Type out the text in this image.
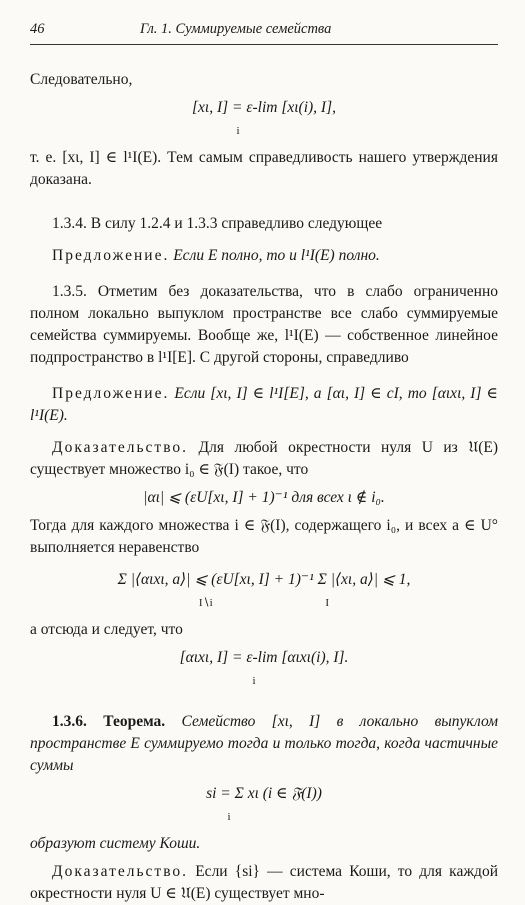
46	Гл. 1. Суммируемые семейства

Следовательно,

[xι, I] = ε-lim [xι(i), I],
i

т. е. [xι, I] ∈ l¹I(E). Тем самым справедливость нашего утверждения доказана.

1.3.4. В силу 1.2.4 и 1.3.3 справедливо следующее

Предложение. Если E полно, то и l¹I(E) полно.

1.3.5. Отметим без доказательства, что в слабо ограниченно полном локально выпуклом пространстве все слабо суммируемые семейства суммируемы. Вообще же, l¹I(E) — собственное линейное подпространство в l¹I[E]. С другой стороны, справедливо

Предложение. Если [xι, I] ∈ l¹I[E], а [αι, I] ∈ cI, то [αιxι, I] ∈ l¹I(E).

Доказательство. Для любой окрестности нуля U из 𝔘(E) существует множество i₀ ∈ 𝔉(I) такое, что

|αι| ⩽ (εU[xι, I] + 1)⁻¹ для всех ι ∉ i₀.

Тогда для каждого множества i ∈ 𝔉(I), содержащего i₀, и всех a ∈ U° выполняется неравенство

Σ |⟨αιxι, a⟩| ⩽ (εU[xι, I] + 1)⁻¹ Σ |⟨xι, a⟩| ⩽ 1,
I∖i                                         I

а отсюда и следует, что

[αιxι, I] = ε-lim [αιxι(i), I].
i

1.3.6. Теорема. Семейство [xι, I] в локально выпуклом пространстве E суммируемо тогда и только тогда, когда частичные суммы

si = Σ xι (i ∈ 𝔉(I))
i

образуют систему Коши.

Доказательство. Если {si} — система Коши, то для каждой окрестности нуля U ∈ 𝔘(E) существует мно-
